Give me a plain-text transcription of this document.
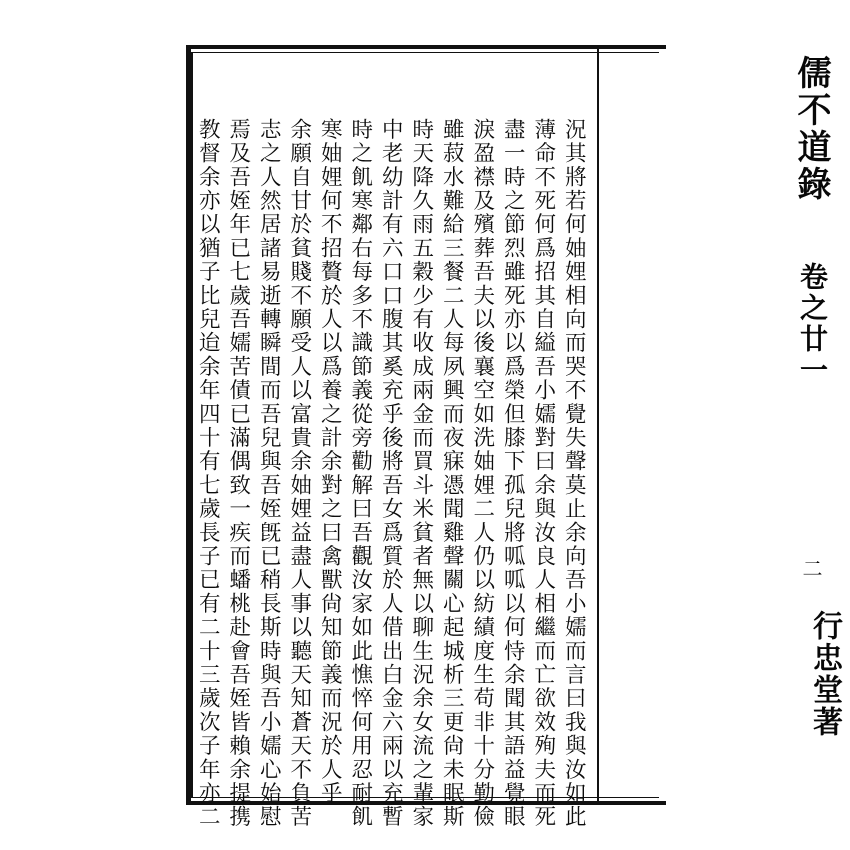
儒不道錄
卷之廿一
二
行忠堂著
況其將若何妯娌相向而哭不覺失聲莫止余向吾小嬬而言曰我與汝如此
薄命不死何爲招其自縊吾小嬬對曰余與汝良人相繼而亡欲效殉夫而死
盡一時之節烈雖死亦以爲榮但膝下孤兒將呱呱以何恃余聞其語益覺眼
淚盈襟及殯葬吾夫以後襄空如洗妯娌二人仍以紡績度生苟非十分勤儉
雖菽水難給三餐二人每夙興而夜寐憑聞雞聲關心起城析三更尙未眠斯
時天降久雨五穀少有收成兩金而買斗米貧者無以聊生況余女流之輩家
中老幼計有六口口腹其奚充乎後將吾女爲質於人借出白金六兩以充暫
時之飢寒鄰右每多不識節義從旁勸解曰吾觀汝家如此憔悴何用忍耐飢
寒妯娌何不招贅於人以爲養之計余對之曰禽獸尙知節義而況於人乎
余願自甘於貧賤不願受人以富貴余妯娌益盡人事以聽天知蒼天不負苦
志之人然居諸易逝轉瞬間而吾兒與吾姪旣已稍長斯時與吾小嬬心始慰
焉及吾姪年已七歲吾嬬苦債已滿偶致一疾而蟠桃赴會吾姪皆賴余提携
教督余亦以猶子比兒迨余年四十有七歲長子已有二十三歲次子年亦二
